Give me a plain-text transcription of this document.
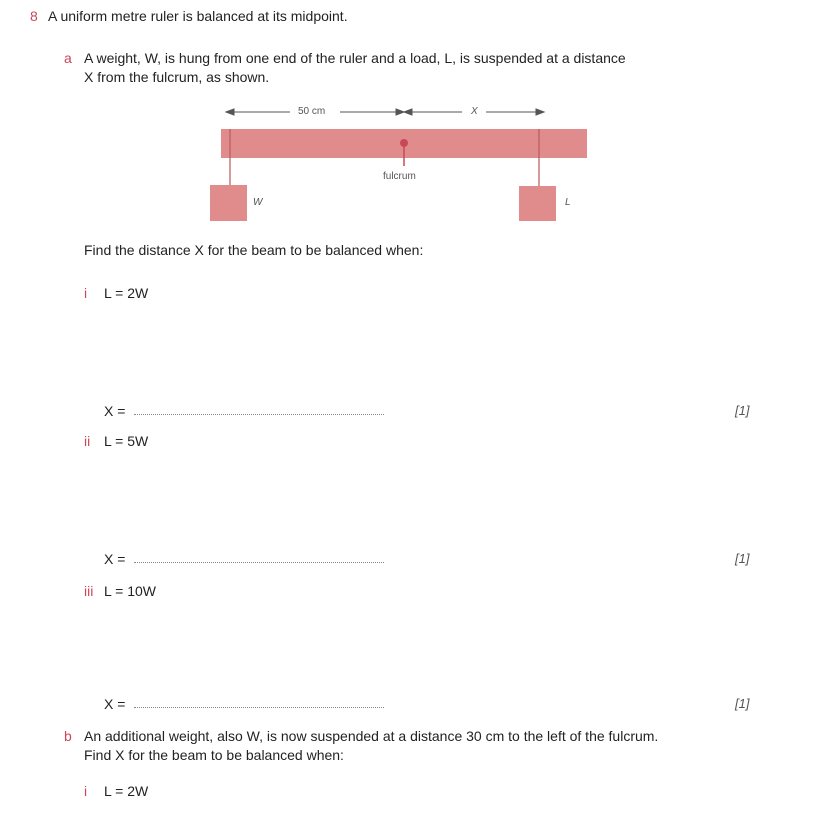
8 A uniform metre ruler is balanced at its midpoint.
a A weight, W, is hung from one end of the ruler and a load, L, is suspended at a distance
X from the fulcrum, as shown.
50 cm	X
fulcrum
W	L
Find the distance X for the beam to be balanced when:
i L = 2W
X =	[1]
ii L = 5W
X =	[1]
iii L = 10W
X =	[1]
b An additional weight, also W, is now suspended at a distance 30 cm to the left of the fulcrum.
Find X for the beam to be balanced when:
i L = 2W
